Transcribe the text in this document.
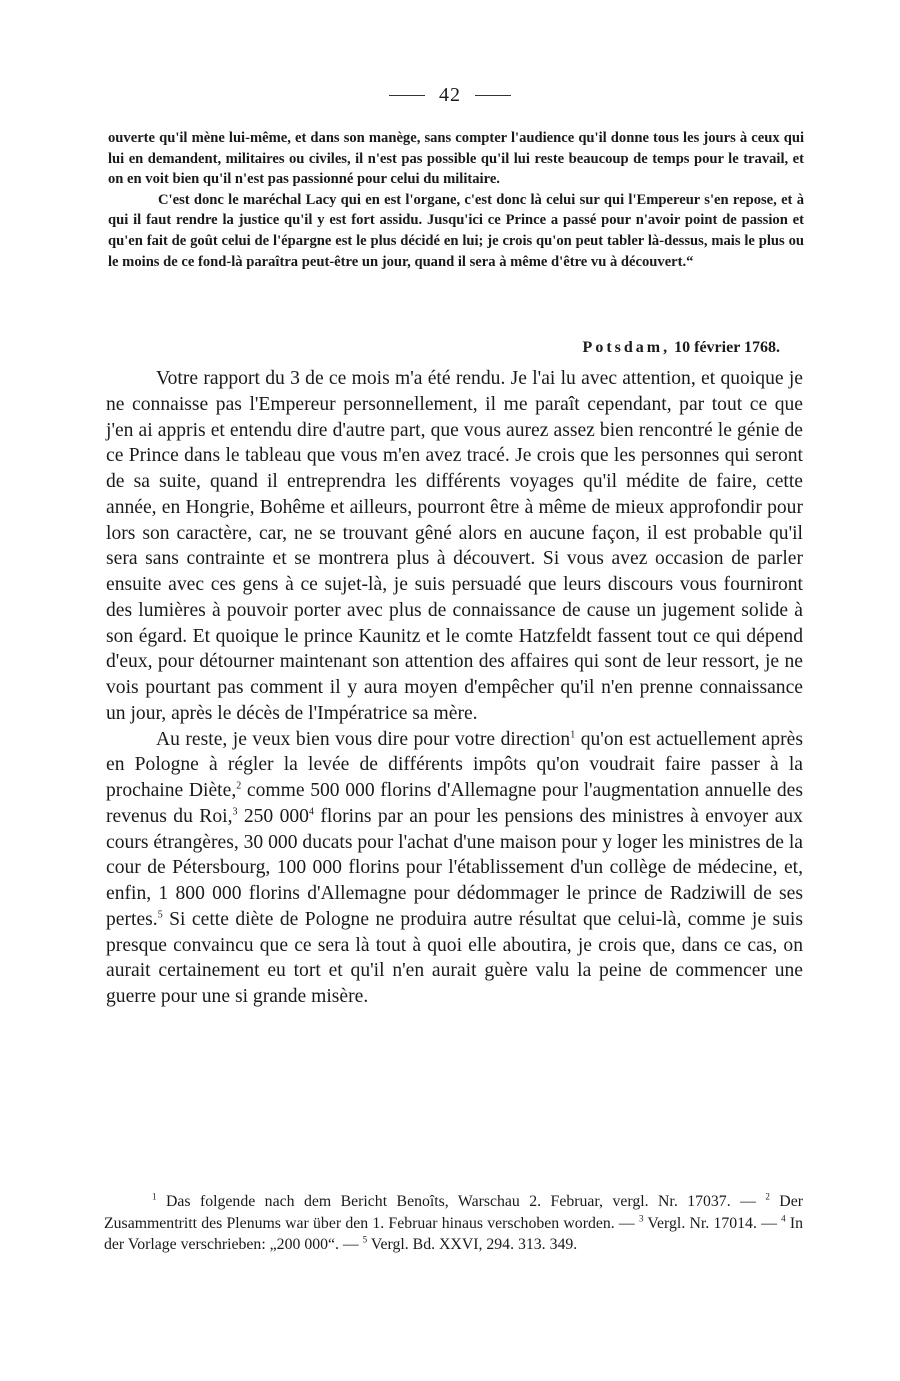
42

ouverte qu'il mène lui-même, et dans son manège, sans compter l'audience qu'il donne tous les jours à ceux qui lui en demandent, militaires ou civiles, il n'est pas possible qu'il lui reste beaucoup de temps pour le travail, et on en voit bien qu'il n'est pas passionné pour celui du militaire.

C'est donc le maréchal Lacy qui en est l'organe, c'est donc là celui sur qui l'Empereur s'en repose, et à qui il faut rendre la justice qu'il y est fort assidu. Jusqu'ici ce Prince a passé pour n'avoir point de passion et qu'en fait de goût celui de l'épargne est le plus décidé en lui; je crois qu'on peut tabler là-dessus, mais le plus ou le moins de ce fond-là paraîtra peut-être un jour, quand il sera à même d'être vu à découvert.“

Potsdam, 10 février 1768.

Votre rapport du 3 de ce mois m'a été rendu. Je l'ai lu avec attention, et quoique je ne connaisse pas l'Empereur personnellement, il me paraît cependant, par tout ce que j'en ai appris et entendu dire d'autre part, que vous aurez assez bien rencontré le génie de ce Prince dans le tableau que vous m'en avez tracé. Je crois que les personnes qui seront de sa suite, quand il entreprendra les différents voyages qu'il médite de faire, cette année, en Hongrie, Bohême et ailleurs, pourront être à même de mieux approfondir pour lors son caractère, car, ne se trouvant gêné alors en aucune façon, il est probable qu'il sera sans contrainte et se montrera plus à découvert. Si vous avez occasion de parler ensuite avec ces gens à ce sujet-là, je suis persuadé que leurs discours vous fourniront des lumières à pouvoir porter avec plus de connaissance de cause un jugement solide à son égard. Et quoique le prince Kaunitz et le comte Hatzfeldt fassent tout ce qui dépend d'eux, pour détourner maintenant son attention des affaires qui sont de leur ressort, je ne vois pourtant pas comment il y aura moyen d'empêcher qu'il n'en prenne connaissance un jour, après le décès de l'Impératrice sa mère.

Au reste, je veux bien vous dire pour votre direction$^1$ qu'on est actuellement après en Pologne à régler la levée de différents impôts qu'on voudrait faire passer à la prochaine Diète,$^2$ comme 500 000 florins d'Allemagne pour l'augmentation annuelle des revenus du Roi,$^3$ 250 $000^4$ florins par an pour les pensions des ministres à envoyer aux cours étrangères, 30 000 ducats pour l'achat d'une maison pour y loger les ministres de la cour de Pétersbourg, 100 000 florins pour l'établissement d'un collège de médecine, et, enfin, 1 800 000 florins d'Allemagne pour dédommager le prince de Radziwill de ses pertes.$^5$ Si cette diète de Pologne ne produira autre résultat que celui-là, comme je suis presque convaincu que ce sera là tout à quoi elle aboutira, je crois que, dans ce cas, on aurait certainement eu tort et qu'il n'en aurait guère valu la peine de commencer une guerre pour une si grande misère.

$^1$ Das folgende nach dem Bericht Benoîts, Warschau 2. Februar, vergl. Nr. 17037. — $^2$ Der Zusammentritt des Plenums war über den 1. Februar hinaus verschoben worden. — $^3$ Vergl. Nr. 17014. — $^4$ In der Vorlage verschrieben: „200 000“. — $^5$ Vergl. Bd. XXVI, 294. 313. 349.
